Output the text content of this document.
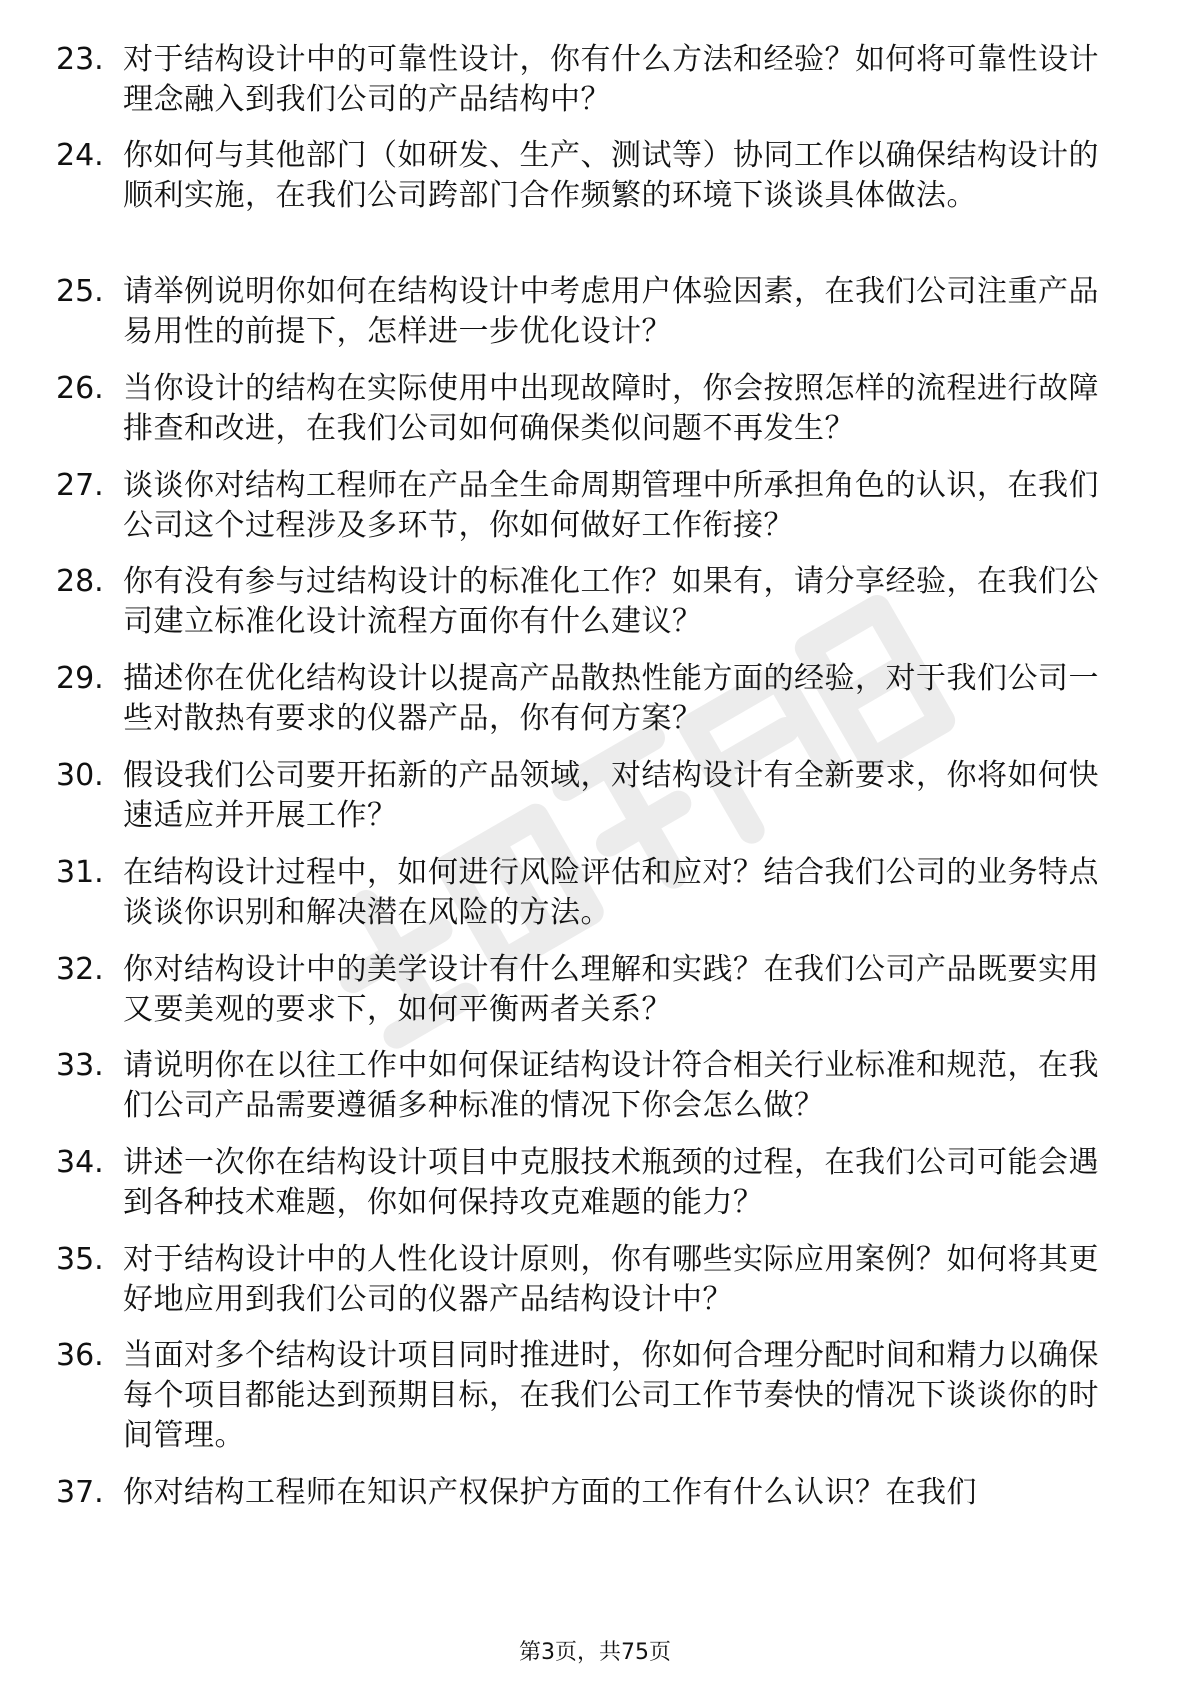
23. 对于结构设计中的可靠性设计，你有什么方法和经验？如何将可靠性设计理念融入到我们公司的产品结构中？
24. 你如何与其他部门（如研发、生产、测试等）协同工作以确保结构设计的顺利实施，在我们公司跨部门合作频繁的环境下谈谈具体做法。
25. 请举例说明你如何在结构设计中考虑用户体验因素，在我们公司注重产品易用性的前提下，怎样进一步优化设计？
26. 当你设计的结构在实际使用中出现故障时，你会按照怎样的流程进行故障排查和改进，在我们公司如何确保类似问题不再发生？
27. 谈谈你对结构工程师在产品全生命周期管理中所承担角色的认识，在我们公司这个过程涉及多环节，你如何做好工作衔接？
28. 你有没有参与过结构设计的标准化工作？如果有，请分享经验，在我们公司建立标准化设计流程方面你有什么建议？
29. 描述你在优化结构设计以提高产品散热性能方面的经验，对于我们公司一些对散热有要求的仪器产品，你有何方案？
30. 假设我们公司要开拓新的产品领域，对结构设计有全新要求，你将如何快速适应并开展工作？
31. 在结构设计过程中，如何进行风险评估和应对？结合我们公司的业务特点谈谈你识别和解决潜在风险的方法。
32. 你对结构设计中的美学设计有什么理解和实践？在我们公司产品既要实用又要美观的要求下，如何平衡两者关系？
33. 请说明你在以往工作中如何保证结构设计符合相关行业标准和规范，在我们公司产品需要遵循多种标准的情况下你会怎么做？
34. 讲述一次你在结构设计项目中克服技术瓶颈的过程，在我们公司可能会遇到各种技术难题，你如何保持攻克难题的能力？
35. 对于结构设计中的人性化设计原则，你有哪些实际应用案例？如何将其更好地应用到我们公司的仪器产品结构设计中？
36. 当面对多个结构设计项目同时推进时，你如何合理分配时间和精力以确保每个项目都能达到预期目标，在我们公司工作节奏快的情况下谈谈你的时间管理。
37. 你对结构工程师在知识产权保护方面的工作有什么认识？在我们
第3页，共75页
